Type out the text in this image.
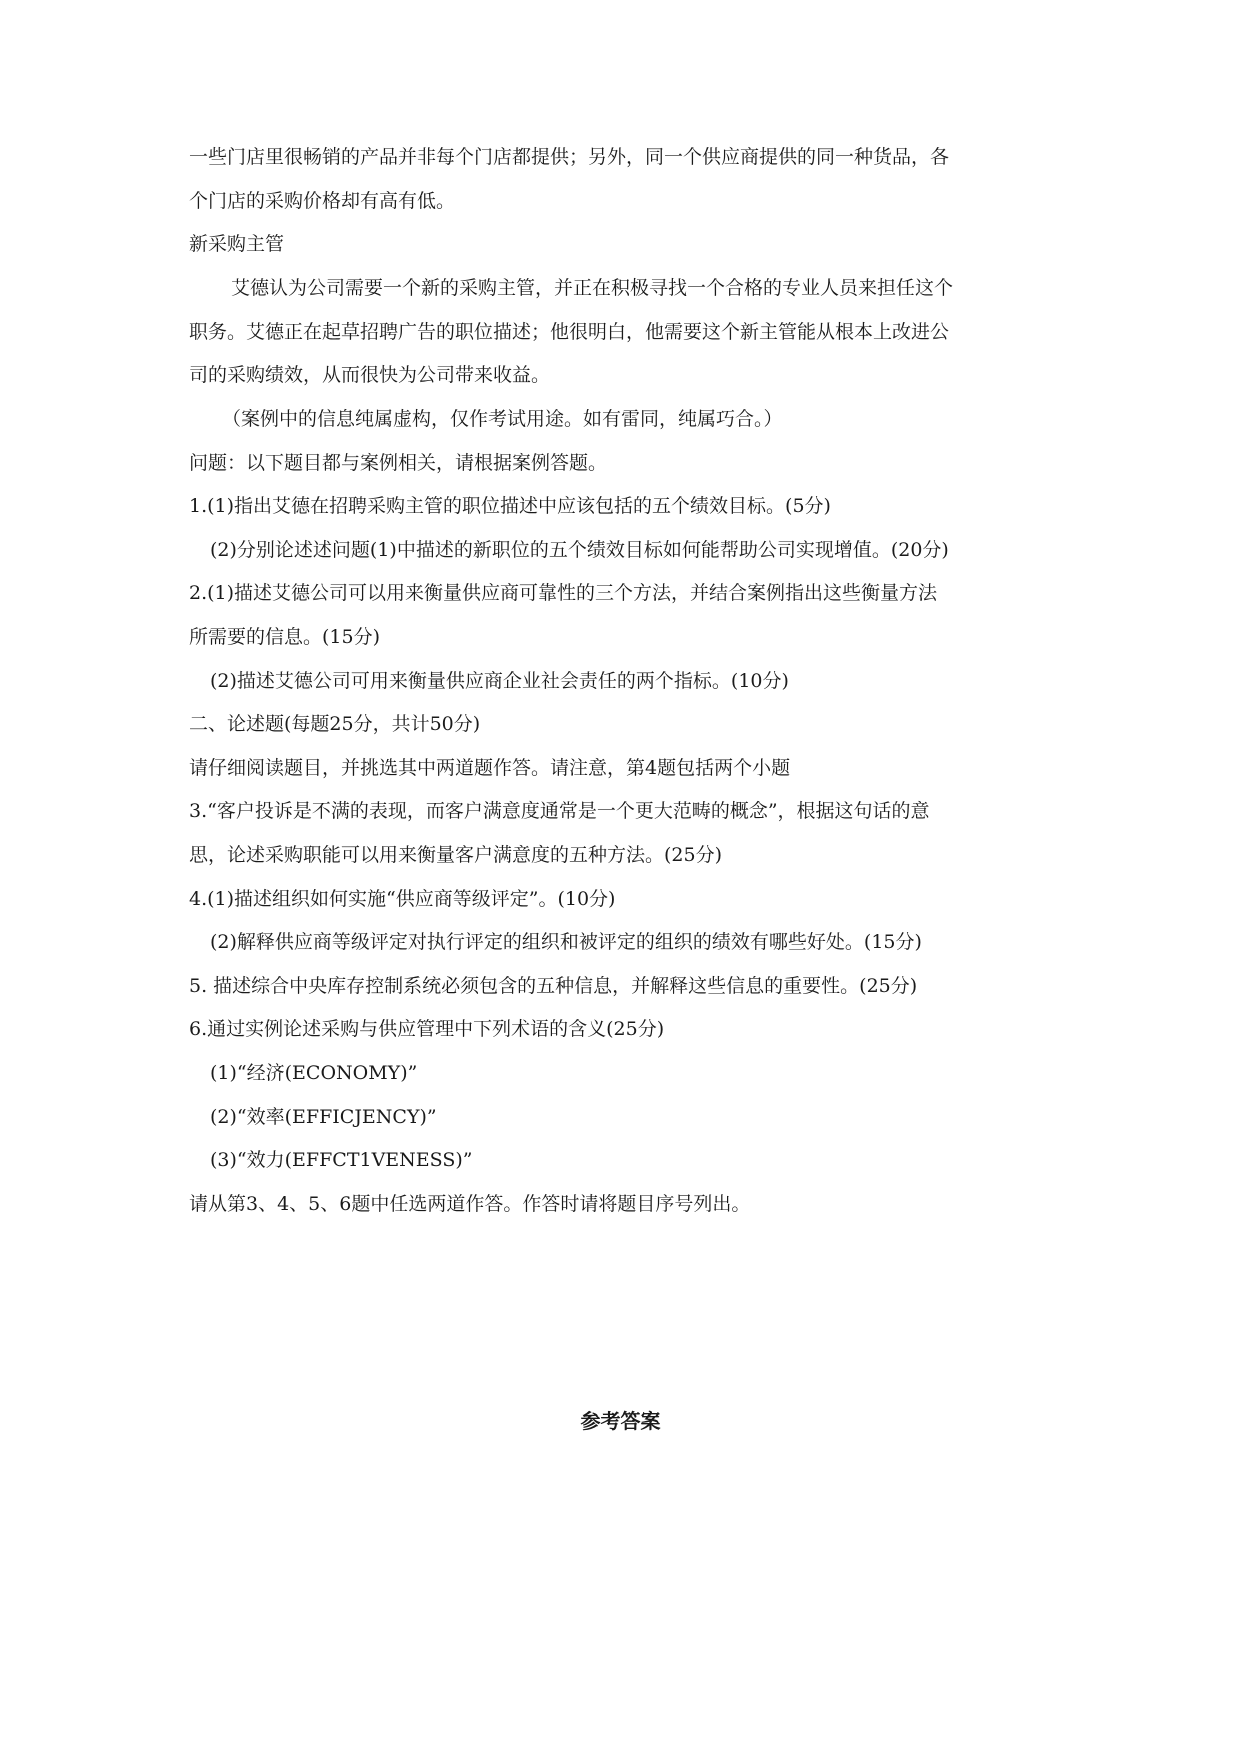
一些门店里很畅销的产品并非每个门店都提供；另外，同一个供应商提供的同一种货品，各
个门店的采购价格却有高有低。
新采购主管
艾德认为公司需要一个新的采购主管，并正在积极寻找一个合格的专业人员来担任这个
职务。艾德正在起草招聘广告的职位描述；他很明白，他需要这个新主管能从根本上改进公
司的采购绩效，从而很快为公司带来收益。
（案例中的信息纯属虚构，仅作考试用途。如有雷同，纯属巧合。）
问题：以下题目都与案例相关，请根据案例答题。
1.(1)指出艾德在招聘采购主管的职位描述中应该包括的五个绩效目标。(5分)
(2)分别论述述问题(1)中描述的新职位的五个绩效目标如何能帮助公司实现增值。(20分)
2.(1)描述艾德公司可以用来衡量供应商可靠性的三个方法，并结合案例指出这些衡量方法
所需要的信息。(15分)
(2)描述艾德公司可用来衡量供应商企业社会责任的两个指标。(10分)
二、论述题(每题25分，共计50分)
请仔细阅读题目，并挑选其中两道题作答。请注意，第4题包括两个小题
3.“客户投诉是不满的表现，而客户满意度通常是一个更大范畴的概念”，根据这句话的意
思，论述采购职能可以用来衡量客户满意度的五种方法。(25分)
4.(1)描述组织如何实施“供应商等级评定”。(10分)
(2)解释供应商等级评定对执行评定的组织和被评定的组织的绩效有哪些好处。(15分)
5. 描述综合中央库存控制系统必须包含的五种信息，并解释这些信息的重要性。(25分)
6.通过实例论述采购与供应管理中下列术语的含义(25分)
(1)“经济(ECONOMY)”
(2)“效率(EFFICJENCY)”
(3)“效力(EFFCT1VENESS)”
请从第3、4、5、6题中任选两道作答。作答时请将题目序号列出。
参考答案
